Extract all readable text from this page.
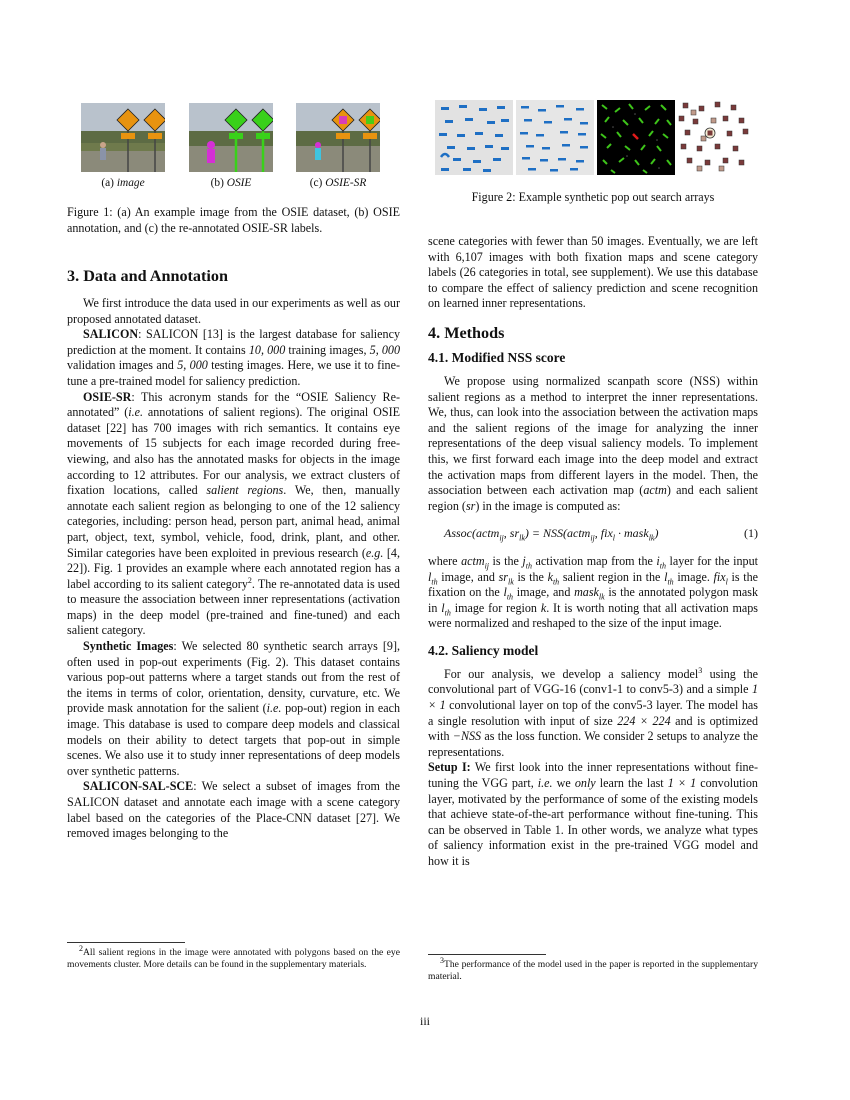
(a) image	(b) OSIE	(c) OSIE-SR
Figure 2: Example synthetic pop out search arrays

Figure 1: (a) An example image from the OSIE dataset, (b) OSIE annotation, and (c) the re-annotated OSIE-SR labels.

3. Data and Annotation

We first introduce the data used in our experiments as well as our proposed annotated dataset.

SALICON: SALICON [13] is the largest database for saliency prediction at the moment. It contains 10, 000 training images, 5, 000 validation images and 5, 000 testing images. Here, we use it to fine-tune a pre-trained model for saliency prediction.

OSIE-SR: This acronym stands for the “OSIE Saliency Re-annotated” (i.e. annotations of salient regions). The original OSIE dataset [22] has 700 images with rich semantics. It contains eye movements of 15 subjects for each image recorded during free-viewing, and also has the annotated masks for objects in the image according to 12 attributes. For our analysis, we extract clusters of fixation locations, called salient regions. We, then, manually annotate each salient region as belonging to one of the 12 saliency categories, including: person head, person part, animal head, animal part, object, text, symbol, vehicle, food, drink, plant, and other. Similar categories have been exploited in previous research (e.g. [4, 22]). Fig. 1 provides an example where each annotated region has a label according to its salient category$^2$. The re-annotated data is used to measure the association between inner representations (activation maps) in the deep model (pre-trained and fine-tuned) and each salient category.

Synthetic Images: We selected 80 synthetic search arrays [9], often used in pop-out experiments (Fig. 2). This dataset contains various pop-out patterns where a target stands out from the rest of the items in terms of color, orientation, density, curvature, etc. We provide mask annotation for the salient (i.e. pop-out) region in each image. This database is used to compare deep models and classical models on their ability to detect targets that pop-out in simple scenes. We also use it to study inner representations of deep models over synthetic patterns.

SALICON-SAL-SCE: We select a subset of images from the SALICON dataset and annotate each image with a scene category label based on the categories of the Place-CNN dataset [27]. We removed images belonging to the

$^2$All salient regions in the image were annotated with polygons based on the eye movements cluster. More details can be found in the supplementary materials.

scene categories with fewer than 50 images. Eventually, we are left with 6,107 images with both fixation maps and scene category labels (26 categories in total, see supplement). We use this database to compare the effect of saliency prediction and scene recognition on learned inner representations.

4. Methods
4.1. Modified NSS score

We propose using normalized scanpath score (NSS) within salient regions as a method to interpret the inner representations. We, thus, can look into the association between the activation maps and the salient regions of the image for analyzing the inner representations of the deep visual saliency models. To implement this, we first forward each image into the deep model and extract the activation maps from different layers in the model. Then, the association between each activation map (actm) and each salient region (sr) in the image is computed as:

Assoc(actm$_{ij}$, $sr_{lk}$) = NSS(actm$_{ij}$, fix$_l$ · mask$_{lk}$)	(1)

where actm$_{ij}$ is the $j_{th}$ activation map from the $i_{th}$ layer for the input $l_{th}$ image, and $sr_{lk}$ is the $k_{th}$ salient region in the $l_{th}$ image. fix$_l$ is the fixation on the $l_{th}$ image, and mask$_{lk}$ is the annotated polygon mask in $l_{th}$ image for region k. It is worth noting that all activation maps were normalized and reshaped to the size of the input image.

4.2. Saliency model

For our analysis, we develop a saliency model$^3$ using the convolutional part of VGG-16 (conv1-1 to conv5-3) and a simple 1 × 1 convolutional layer on top of the conv5-3 layer. The model has a single resolution with input of size 224 × 224 and is optimized with −NSS as the loss function. We consider 2 setups to analyze the representations.

Setup I: We first look into the inner representations without fine-tuning the VGG part, i.e. we only learn the last 1 × 1 convolution layer, motivated by the performance of some of the existing models that achieve state-of-the-art performance without fine-tuning. This can be observed in Table 1. In other words, we analyze what types of saliency information exist in the pre-trained VGG model and how it is

$^3$The performance of the model used in the paper is reported in the supplementary material.

iii
